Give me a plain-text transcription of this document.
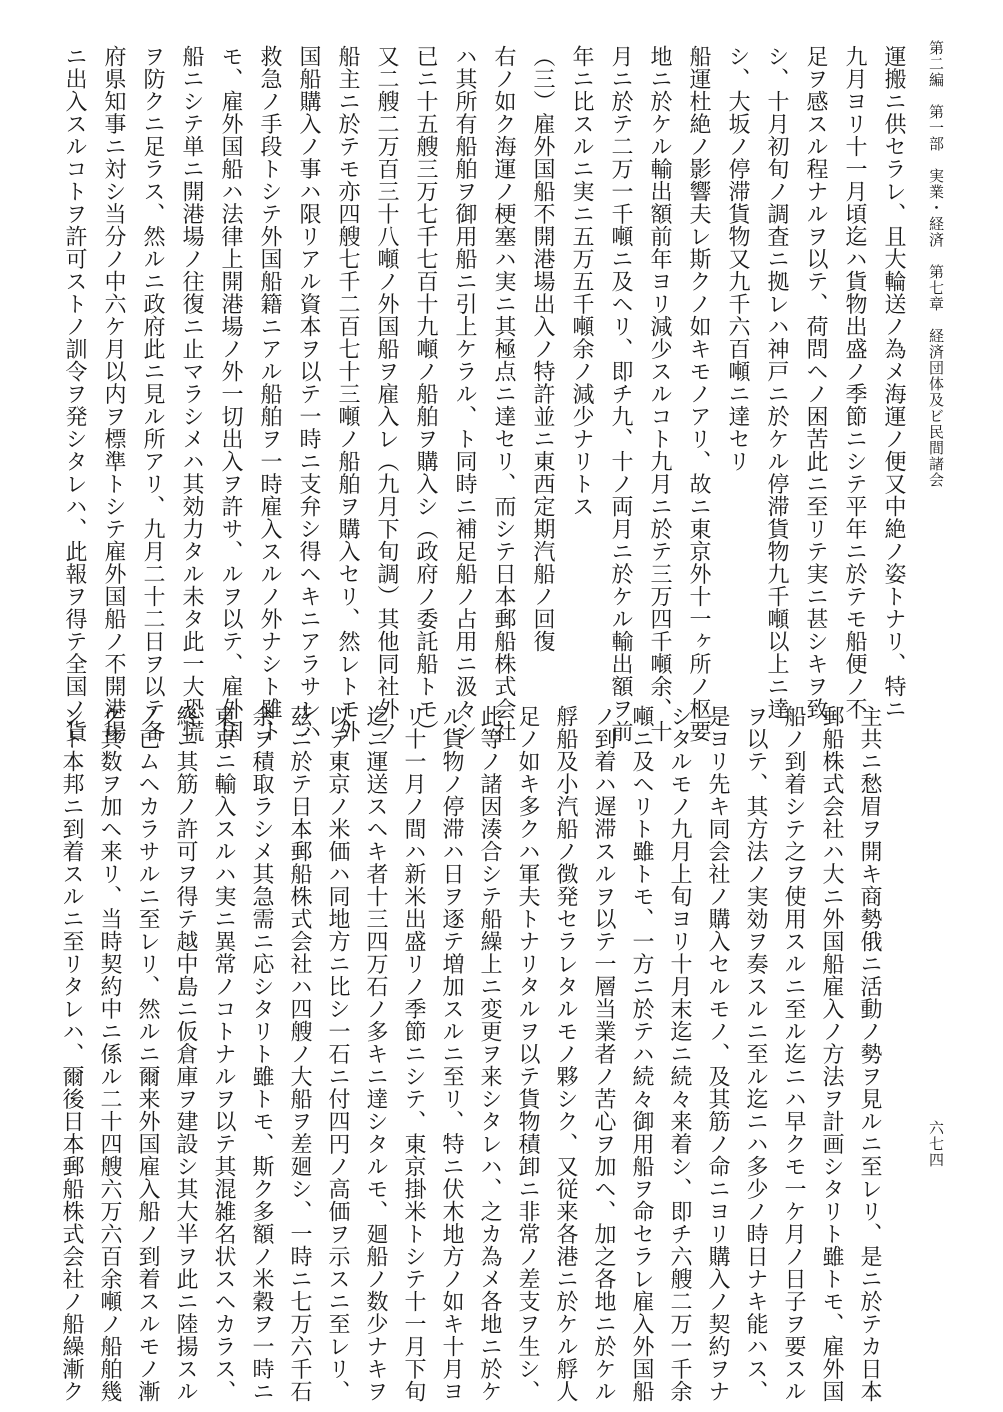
第二編　第一部　実業・経済　第七章　経済団体及ビ民間諸会
六七四
運搬ニ供セラレ、且大輪送ノ為メ海運ノ便又中絶ノ姿トナリ、特ニ
九月ヨリ十一月頃迄ハ貨物出盛ノ季節ニシテ平年ニ於テモ船便ノ不
足ヲ感スル程ナルヲ以テ、荷問ヘノ困苦此ニ至リテ実ニ甚シキヲ致
シ、十月初旬ノ調査ニ拠レハ神戸ニ於ケル停滞貨物九千噸以上ニ達
シ、大坂ノ停滞貨物又九千六百噸ニ達セリ
船運杜絶ノ影響夫レ斯クノ如キモノアリ、故ニ東京外十一ヶ所ノ枢要
地ニ於ケル輸出額前年ヨリ減少スルコト九月ニ於テ三万四千噸余、十
月ニ於テ二万一千噸ニ及ヘリ、即チ九、十ノ両月ニ於ケル輸出額ヲ前
年ニ比スルニ実ニ五万五千噸余ノ減少ナリトス
（三）雇外国船不開港場出入ノ特許並ニ東西定期汽船ノ回復
右ノ如ク海運ノ梗塞ハ実ニ其極点ニ達セリ、而シテ日本郵船株式会社
ハ其所有船舶ヲ御用船ニ引上ケラル、ト同時ニ補足船ノ占用ニ汲々シ
已ニ十五艘三万七千七百十九噸ノ船舶ヲ購入シ（政府ノ委託船トモ）
又二艘二万百三十八噸ノ外国船ヲ雇入レ（九月下旬調）其他同社外ノ
船主ニ於テモ亦四艘七千二百七十三噸ノ船舶ヲ購入セリ、然レトモ外
国船購入ノ事ハ限リアル資本ヲ以テ一時ニ支弁シ得ヘキニアラサレハ
救急ノ手段トシテ外国船籍ニアル船舶ヲ一時雇入スルノ外ナシト雖ト
モ、雇外国船ハ法律上開港場ノ外一切出入ヲ許サ、ルヲ以テ、雇外国
船ニシテ単ニ開港場ノ往復ニ止マラシメハ其効力タル未タ此一大恐慌
ヲ防クニ足ラス、然ルニ政府此ニ見ル所アリ、九月二十二日ヲ以テ各
府県知事ニ対シ当分ノ中六ケ月以内ヲ標準トシテ雇外国船ノ不開港場
ニ出入スルコトヲ許可ストノ訓令ヲ発シタレハ、此報ヲ得テ全国ノ貨
主共ニ愁眉ヲ開キ商勢俄ニ活動ノ勢ヲ見ルニ至レリ、是ニ於テカ日本
郵船株式会社ハ大ニ外国船雇入ノ方法ヲ計画シタリト雖トモ、雇外国
船ノ到着シテ之ヲ使用スルニ至ル迄ニハ早クモ一ケ月ノ日子ヲ要スル
ヲ以テ、其方法ノ実効ヲ奏スルニ至ル迄ニハ多少ノ時日ナキ能ハス、
是ヨリ先キ同会社ノ購入セルモノ、及其筋ノ命ニヨリ購入ノ契約ヲナ
シタルモノ九月上旬ヨリ十月末迄ニ続々来着シ、即チ六艘二万一千余
噸ニ及ヘリト雖トモ、一方ニ於テハ続々御用船ヲ命セラレ雇入外国船
ノ到着ハ遅滞スルヲ以テ一層当業者ノ苦心ヲ加ヘ、加之各地ニ於ケル
艀船及小汽船ノ徴発セラレタルモノ夥シク、又従来各港ニ於ケル艀人
足ノ如キ多クハ軍夫トナリタルヲ以テ貨物積卸ニ非常ノ差支ヲ生シ、
此等ノ諸因湊合シテ船繰上ニ変更ヲ来シタレハ、之カ為メ各地ニ於ケ
ル貨物ノ停滞ハ日ヲ逐テ増加スルニ至リ、特ニ伏木地方ノ如キ十月ヨ
リ十一月ノ間ハ新米出盛リノ季節ニシテ、東京掛米トシテ十一月下旬
迄ニ運送スヘキ者十三四万石ノ多キニ達シタルモ、廻船ノ数少ナキヲ
以テ東京ノ米価ハ同地方ニ比シ一石ニ付四円ノ高価ヲ示スニ至レリ、
茲ニ於テ日本郵船株式会社ハ四艘ノ大船ヲ差廻シ、一時ニ七万六千石
余ヲ積取ラシメ其急需ニ応シタリト雖トモ、斯ク多額ノ米穀ヲ一時ニ
東京ニ輸入スルハ実ニ異常ノコトナルヲ以テ其混雑名状スヘカラス、
終ニ其筋ノ許可ヲ得テ越中島ニ仮倉庫ヲ建設シ其大半ヲ此ニ陸揚スル
ノ已ムヘカラサルニ至レリ、然ルニ爾来外国雇入船ノ到着スルモノ漸
ク其数ヲ加ヘ来リ、当時契約中ニ係ル二十四艘六万六百余噸ノ船舶幾
ント本邦ニ到着スルニ至リタレハ、爾後日本郵船株式会社ノ船繰漸ク
